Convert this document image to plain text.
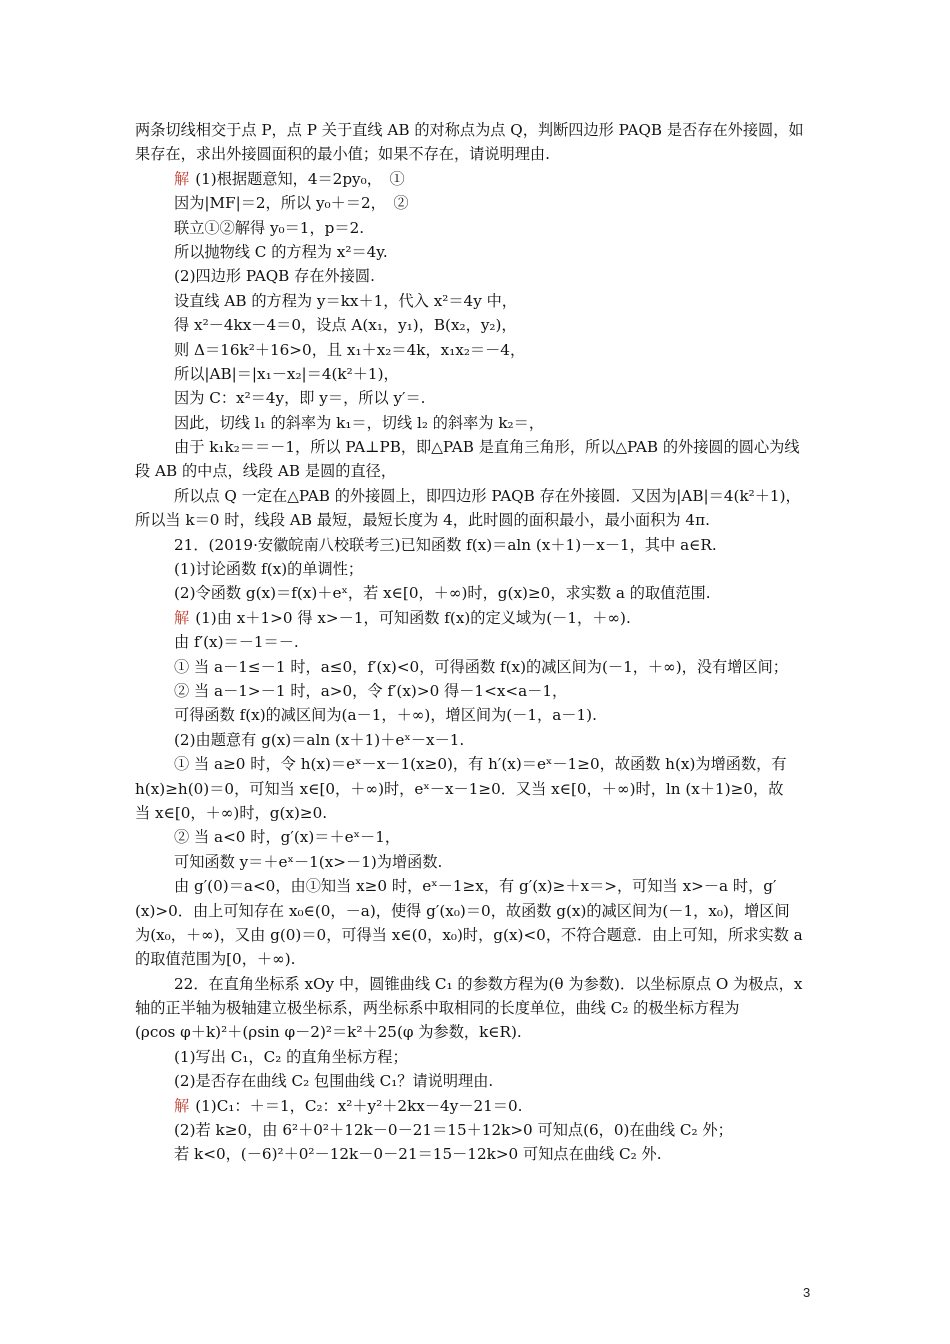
两条切线相交于点 P，点 P 关于直线 AB 的对称点为点 Q，判断四边形 PAQB 是否存在外接圆，如
果存在，求出外接圆面积的最小值；如果不存在，请说明理由.
解 (1)根据题意知，4＝2py₀，　①
因为|MF|＝2，所以 y₀＋＝2，　②
联立①②解得 y₀＝1，p＝2.
所以抛物线 C 的方程为 x²＝4y.
(2)四边形 PAQB 存在外接圆.
设直线 AB 的方程为 y＝kx＋1，代入 x²＝4y 中，
得 x²－4kx－4＝0，设点 A(x₁，y₁)，B(x₂，y₂)，
则 Δ＝16k²＋16>0，且 x₁＋x₂＝4k，x₁x₂＝－4，
所以|AB|＝|x₁－x₂|＝4(k²＋1)，
因为 C：x²＝4y，即 y＝，所以 y′＝.
因此，切线 l₁ 的斜率为 k₁＝，切线 l₂ 的斜率为 k₂＝，
由于 k₁k₂＝＝－1，所以 PA⊥PB，即△PAB 是直角三角形，所以△PAB 的外接圆的圆心为线
段 AB 的中点，线段 AB 是圆的直径，
所以点 Q 一定在△PAB 的外接圆上，即四边形 PAQB 存在外接圆．又因为|AB|＝4(k²＋1)，
所以当 k＝0 时，线段 AB 最短，最短长度为 4，此时圆的面积最小，最小面积为 4π.
21．(2019·安徽皖南八校联考三)已知函数 f(x)＝aln (x＋1)－x－1，其中 a∈R.
(1)讨论函数 f(x)的单调性；
(2)令函数 g(x)＝f(x)＋eˣ，若 x∈[0，＋∞)时，g(x)≥0，求实数 a 的取值范围.
解 (1)由 x＋1>0 得 x>－1，可知函数 f(x)的定义域为(－1，＋∞).
由 f′(x)＝－1＝－.
① 当 a－1≤－1 时，a≤0，f′(x)<0，可得函数 f(x)的减区间为(－1，＋∞)，没有增区间；
② 当 a－1>－1 时，a>0，令 f′(x)>0 得－1<x<a－1，
可得函数 f(x)的减区间为(a－1，＋∞)，增区间为(－1，a－1).
(2)由题意有 g(x)＝aln (x＋1)＋eˣ－x－1.
① 当 a≥0 时，令 h(x)＝eˣ－x－1(x≥0)，有 h′(x)＝eˣ－1≥0，故函数 h(x)为增函数，有
h(x)≥h(0)＝0，可知当 x∈[0，＋∞)时，eˣ－x－1≥0．又当 x∈[0，＋∞)时，ln (x＋1)≥0，故
当 x∈[0，＋∞)时，g(x)≥0.
② 当 a<0 时，g′(x)＝＋eˣ－1，
可知函数 y＝＋eˣ－1(x>－1)为增函数.
由 g′(0)＝a<0，由①知当 x≥0 时，eˣ－1≥x，有 g′(x)≥＋x＝>，可知当 x>－a 时，g′
(x)>0．由上可知存在 x₀∈(0，－a)，使得 g′(x₀)＝0，故函数 g(x)的减区间为(－1，x₀)，增区间
为(x₀，＋∞)，又由 g(0)＝0，可得当 x∈(0，x₀)时，g(x)<0，不符合题意．由上可知，所求实数 a
的取值范围为[0，＋∞).
22．在直角坐标系 xOy 中，圆锥曲线 C₁ 的参数方程为(θ 为参数)．以坐标原点 O 为极点，x
轴的正半轴为极轴建立极坐标系，两坐标系中取相同的长度单位，曲线 C₂ 的极坐标方程为
(ρcos φ＋k)²＋(ρsin φ－2)²＝k²＋25(φ 为参数，k∈R).
(1)写出 C₁，C₂ 的直角坐标方程；
(2)是否存在曲线 C₂ 包围曲线 C₁？请说明理由.
解 (1)C₁：＋＝1，C₂：x²＋y²＋2kx－4y－21＝0.
(2)若 k≥0，由 6²＋0²＋12k－0－21＝15＋12k>0 可知点(6，0)在曲线 C₂ 外；
若 k<0，(－6)²＋0²－12k－0－21＝15－12k>0 可知点在曲线 C₂ 外.
3
